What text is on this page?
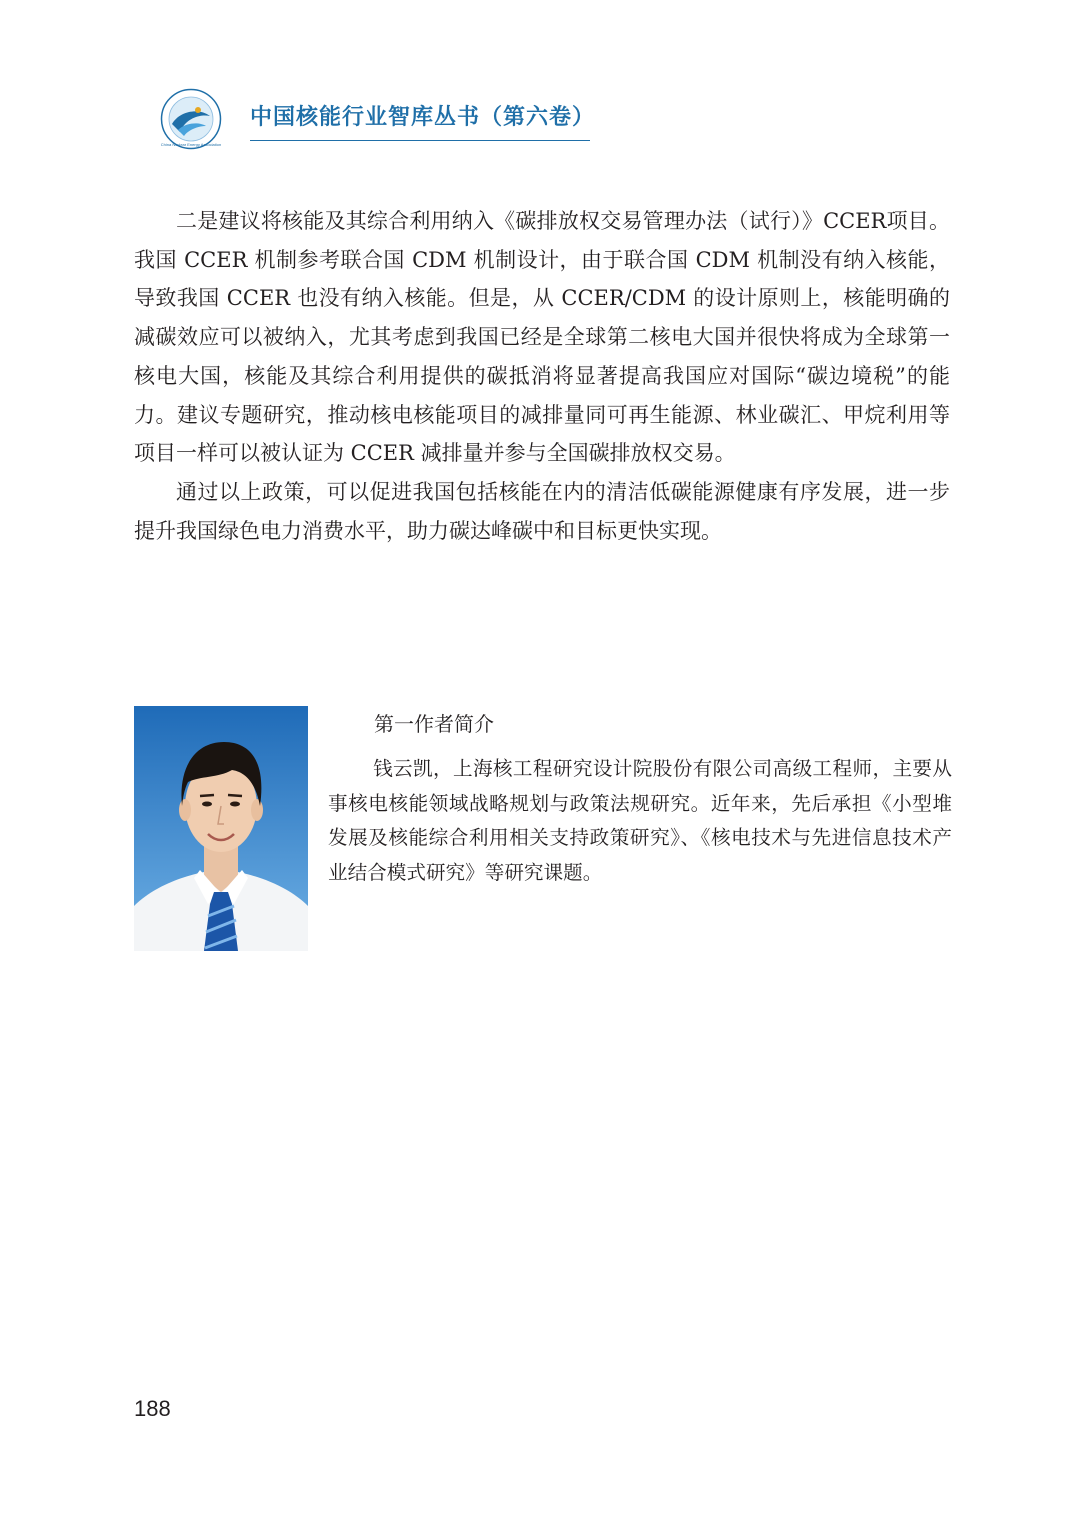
China Nuclear Energy Association
中国核能行业智库丛书（第六卷）

二是建议将核能及其综合利用纳入《碳排放权交易管理办法（试行）》CCER项目。我国 CCER 机制参考联合国 CDM 机制设计，由于联合国 CDM 机制没有纳入核能，导致我国 CCER 也没有纳入核能。但是，从 CCER/CDM 的设计原则上，核能明确的减碳效应可以被纳入，尤其考虑到我国已经是全球第二核电大国并很快将成为全球第一核电大国，核能及其综合利用提供的碳抵消将显著提高我国应对国际“碳边境税”的能力。建议专题研究，推动核电核能项目的减排量同可再生能源、林业碳汇、甲烷利用等项目一样可以被认证为 CCER 减排量并参与全国碳排放权交易。

通过以上政策，可以促进我国包括核能在内的清洁低碳能源健康有序发展，进一步提升我国绿色电力消费水平，助力碳达峰碳中和目标更快实现。

第一作者简介

钱云凯，上海核工程研究设计院股份有限公司高级工程师，主要从事核电核能领域战略规划与政策法规研究。近年来，先后承担《小型堆发展及核能综合利用相关支持政策研究》、《核电技术与先进信息技术产业结合模式研究》等研究课题。

188
